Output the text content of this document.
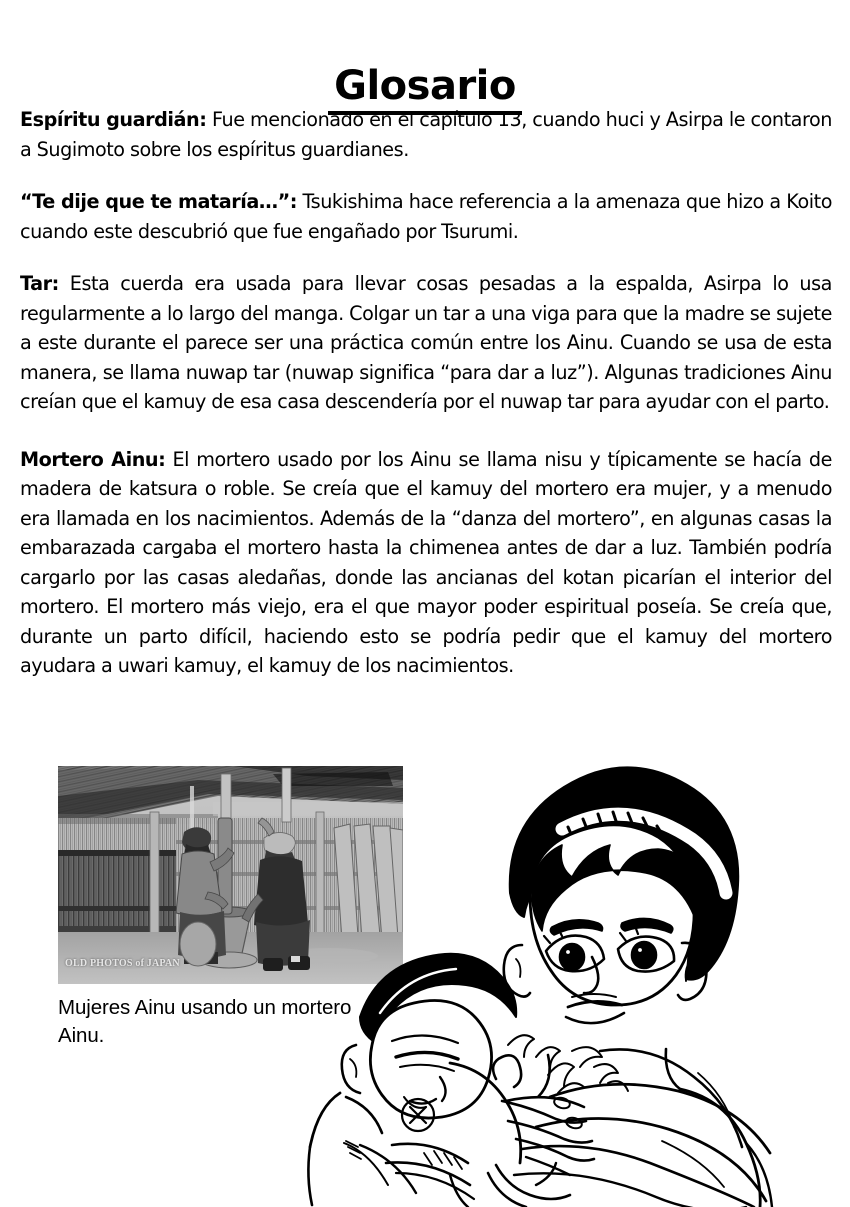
Glosario

Espíritu guardián: Fue mencionado en el capítulo 13, cuando huci y Asirpa le contaron a Sugimoto sobre los espíritus guardianes.

“Te dije que te mataría…”: Tsukishima hace referencia a la amenaza que hizo a Koito cuando este descubrió que fue engañado por Tsurumi.

Tar: Esta cuerda era usada para llevar cosas pesadas a la espalda, Asirpa lo usa regularmente a lo largo del manga. Colgar un tar a una viga para que la madre se sujete a este durante el parece ser una práctica común entre los Ainu. Cuando se usa de esta manera, se llama nuwap tar (nuwap significa “para dar a luz”). Algunas tradiciones Ainu creían que el kamuy de esa casa descendería por el nuwap tar para ayudar con el parto.

Mortero Ainu: El mortero usado por los Ainu se llama nisu y típicamente se hacía de madera de katsura o roble. Se creía que el kamuy del mortero era mujer, y a menudo era llamada en los nacimientos. Además de la “danza del mortero”, en algunas casas la embarazada cargaba el mortero hasta la chimenea antes de dar a luz. También podría cargarlo por las casas aledañas, donde las ancianas del kotan picarían el interior del mortero. El mortero más viejo, era el que mayor poder espiritual poseía. Se creía que, durante un parto difícil, haciendo esto se podría pedir que el kamuy del mortero ayudara a uwari kamuy, el kamuy de los nacimientos.

OLD PHOTOS of JAPAN
Mujeres Ainu usando un mortero Ainu.
